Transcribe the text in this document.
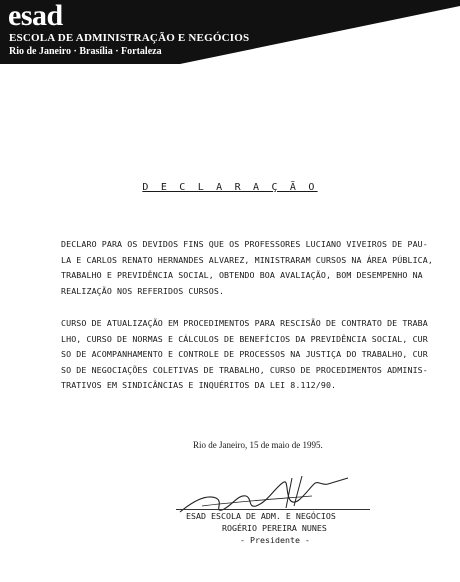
esad
ESCOLA DE ADMINISTRAÇÃO E NEGÓCIOS
Rio de Janeiro · Brasília · Fortaleza
D E C L A R A Ç Ã O
DECLARO PARA OS DEVIDOS FINS QUE OS PROFESSORES LUCIANO VIVEIROS DE PAU-
LA E CARLOS RENATO HERNANDES ALVAREZ, MINISTRARAM CURSOS NA ÁREA PÚBLICA,
TRABALHO E PREVIDÊNCIA SOCIAL, OBTENDO BOA AVALIAÇÃO, BOM DESEMPENHO NA
REALIZAÇÃO NOS REFERIDOS CURSOS.
CURSO DE ATUALIZAÇÃO EM PROCEDIMENTOS PARA RESCISÃO DE CONTRATO DE TRABA
LHO, CURSO DE NORMAS E CÁLCULOS DE BENEFÍCIOS DA PREVIDÊNCIA SOCIAL, CUR
SO DE ACOMPANHAMENTO E CONTROLE DE PROCESSOS NA JUSTIÇA DO TRABALHO, CUR
SO DE NEGOCIAÇÕES COLETIVAS DE TRABALHO, CURSO DE PROCEDIMENTOS ADMINIS-
TRATIVOS EM SINDICÂNCIAS E INQUÉRITOS DA LEI 8.112/90.
Rio de Janeiro, 15 de maio de 1995.
ESAD ESCOLA DE ADM. E NEGÓCIOS
ROGÉRIO PEREIRA NUNES
- Presidente -
